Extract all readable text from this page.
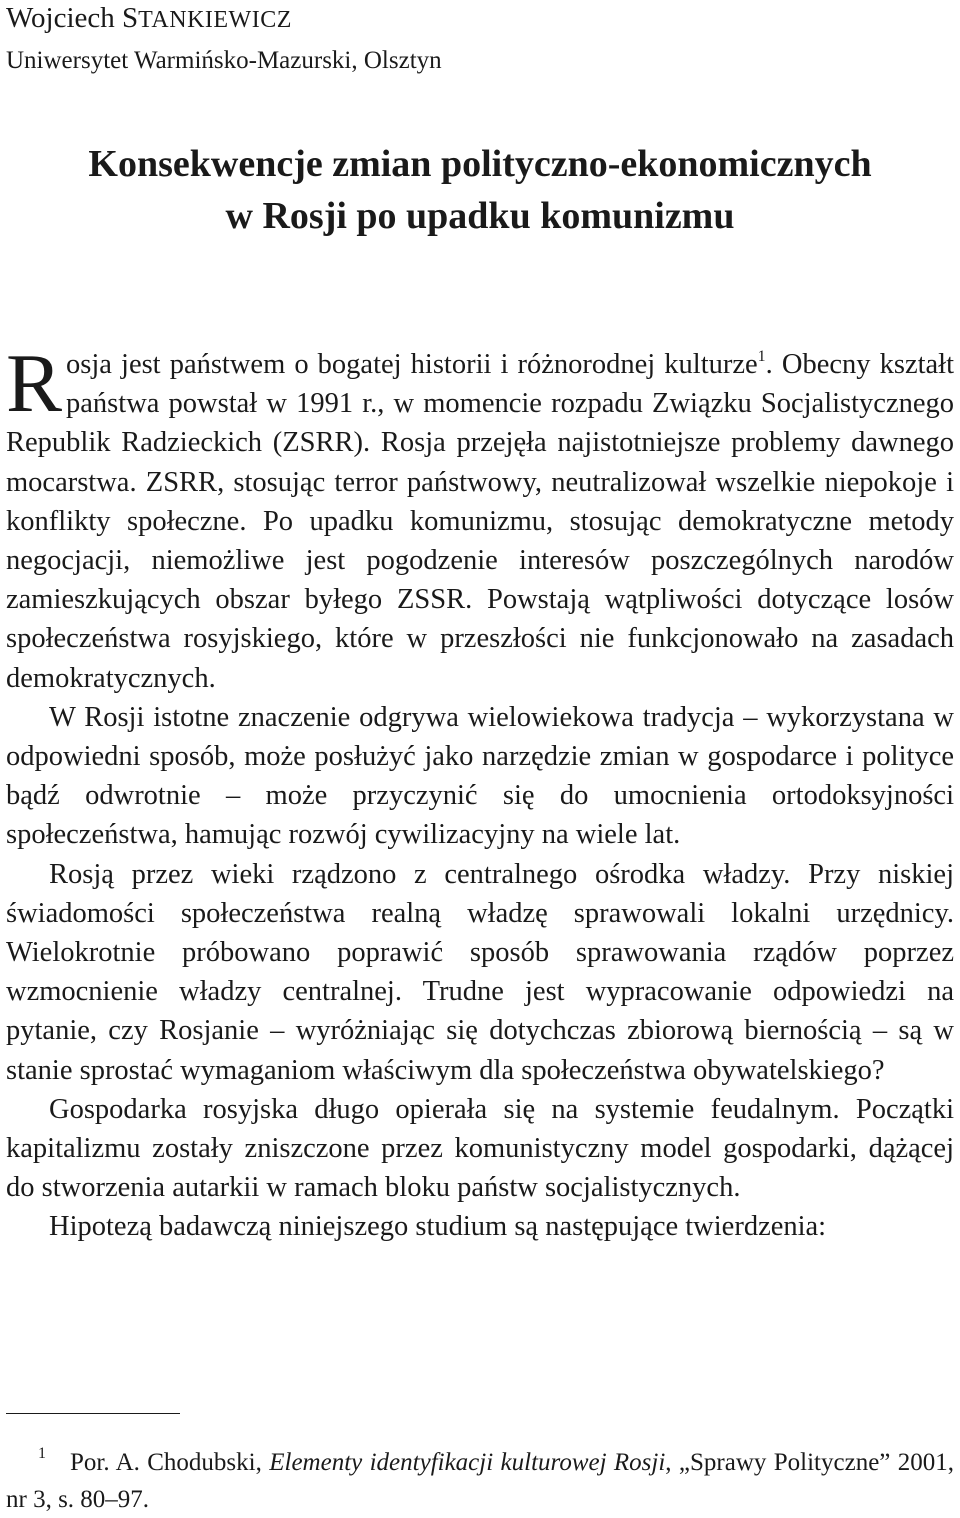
Wojciech STANKIEWICZ
Uniwersytet Warmińsko-Mazurski, Olsztyn
Konsekwencje zmian polityczno-ekonomicznych
w Rosji po upadku komunizmu

Rosja jest państwem o bogatej historii i różnorodnej kulturze$^1$. Obecny kształt państwa powstał w 1991 r., w momencie rozpadu Związku Socjalistycznego Republik Radzieckich (ZSRR). Rosja przejęła najistotniejsze problemy dawnego mocarstwa. ZSRR, stosując terror państwowy, neutralizował wszelkie niepokoje i konflikty społeczne. Po upadku komunizmu, stosując demokratyczne metody negocjacji, niemożliwe jest pogodzenie interesów poszczególnych narodów zamieszkujących obszar byłego ZSSR. Powstają wątpliwości dotyczące losów społeczeństwa rosyjskiego, które w przeszłości nie funkcjonowało na zasadach demokratycznych.

W Rosji istotne znaczenie odgrywa wielowiekowa tradycja – wykorzystana w odpowiedni sposób, może posłużyć jako narzędzie zmian w gospodarce i polityce bądź odwrotnie – może przyczynić się do umocnienia ortodoksyjności społeczeństwa, hamując rozwój cywilizacyjny na wiele lat.

Rosją przez wieki rządzono z centralnego ośrodka władzy. Przy niskiej świadomości społeczeństwa realną władzę sprawowali lokalni urzędnicy. Wielokrotnie próbowano poprawić sposób sprawowania rządów poprzez wzmocnienie władzy centralnej. Trudne jest wypracowanie odpowiedzi na pytanie, czy Rosjanie – wyróżniając się dotychczas zbiorową biernością – są w stanie sprostać wymaganiom właściwym dla społeczeństwa obywatelskiego?

Gospodarka rosyjska długo opierała się na systemie feudalnym. Początki kapitalizmu zostały zniszczone przez komunistyczny model gospodarki, dążącej do stworzenia autarkii w ramach bloku państw socjalistycznych.

Hipotezą badawczą niniejszego studium są następujące twierdzenia:

$^1$ Por. A. Chodubski, Elementy identyfikacji kulturowej Rosji, „Sprawy Polityczne” 2001, nr 3, s. 80–97.
